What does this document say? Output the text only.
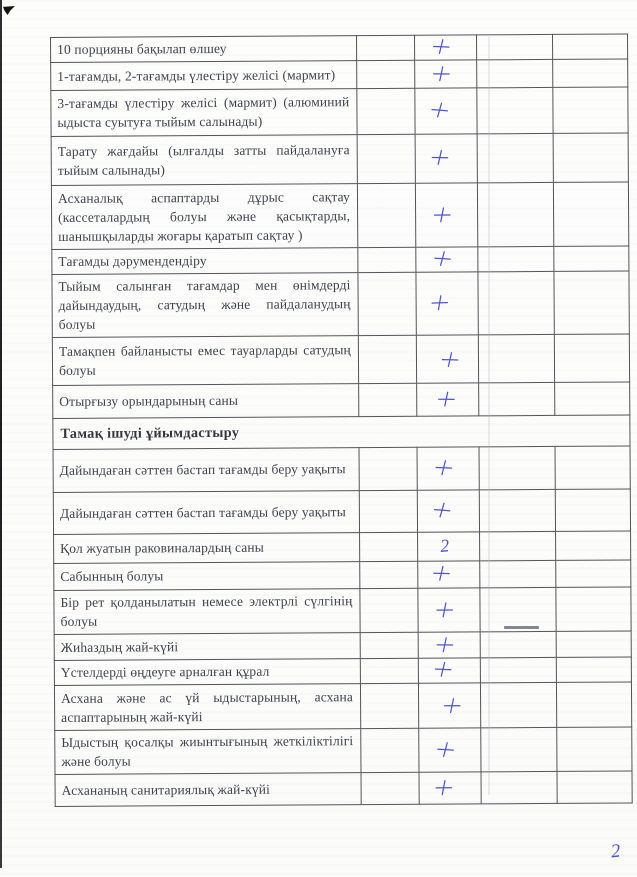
10 порцияны бақылап өлшеу				
1-тағамды, 2-тағамды үлестіру желісі (мармит)				
3-тағамды үлестіру желісі (мармит) (алюминий ыдыста суытуға тыйым салынады)				
Тарату жағдайы (ылғалды затты пайдалануға тыйым салынады)				
Асханалық аспаптарды дұрыс сақтау (кассеталардың болуы және қасықтарды, шанышқыларды жоғары қаратып сақтау )				
Тағамды дәрумендендіру				
Тыйым салынған тағамдар мен өнімдерді дайындаудың, сатудың және пайдаланудың болуы				
Тамақпен байланысты емес тауарларды сатудың болуы				
Отырғызу орындарының саны				
Тамақ ішуді ұйымдастыру				
Дайындаған сәттен бастап тағамды беру уақыты				
Дайындаған сәттен бастап тағамды беру уақыты				
Қол жуатын раковиналардың саны		2		
Сабынның болуы				
Бір рет қолданылатын немесе электрлі сүлгінің болуы				
Жиһаздың жай-күйі				
Үстелдерді өңдеуге арналған құрал				
Асхана және ас үй ыдыстарының, асхана аспаптарының жай-күйі				
Ыдыстың қосалқы жиынтығының жеткіліктілігі және болуы				
Асхананың санитариялық жай-күйі				
2
